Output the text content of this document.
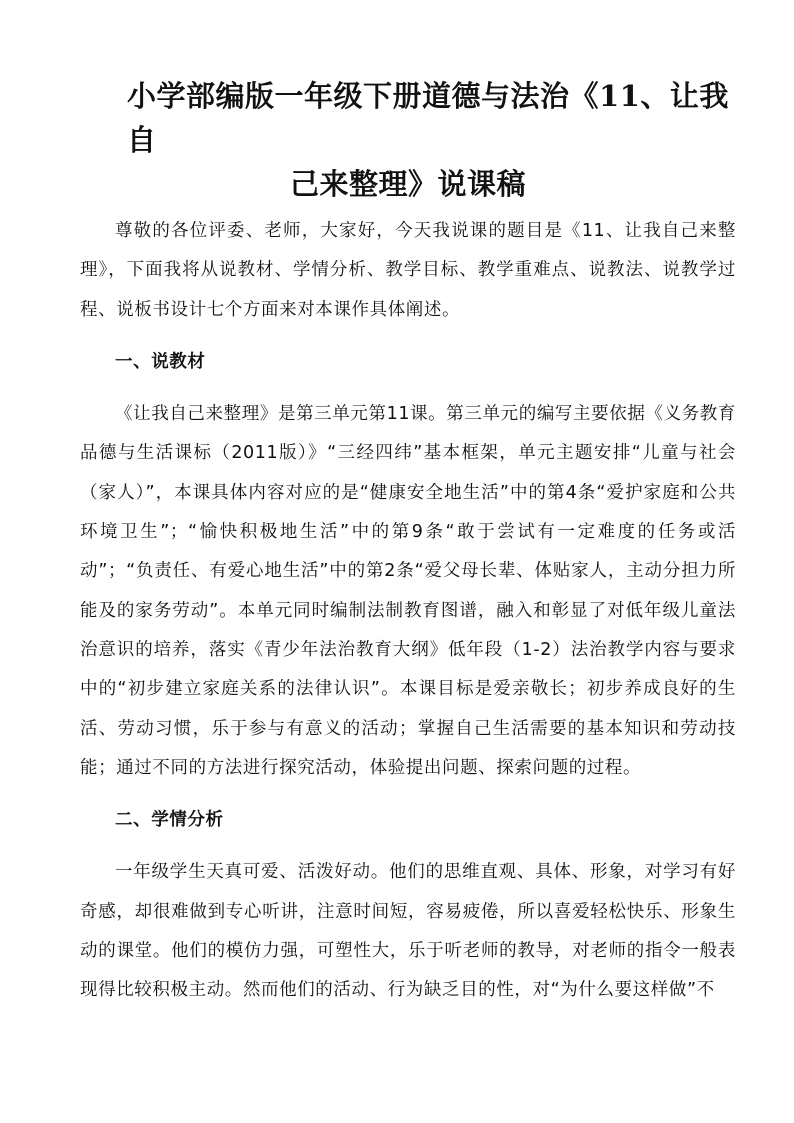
小学部编版一年级下册道德与法治《11、让我自
己来整理》说课稿

尊敬的各位评委、老师，大家好，今天我说课的题目是《11、让我自己来整理》，下面我将从说教材、学情分析、教学目标、教学重难点、说教法、说教学过程、说板书设计七个方面来对本课作具体阐述。

一、说教材

《让我自己来整理》是第三单元第11课。第三单元的编写主要依据《义务教育品德与生活课标（2011版）》“三经四纬”基本框架，单元主题安排“儿童与社会（家人）”，本课具体内容对应的是“健康安全地生活”中的第4条“爱护家庭和公共环境卫生”；“愉快积极地生活”中的第9条“敢于尝试有一定难度的任务或活动”；“负责任、有爱心地生活”中的第2条“爱父母长辈、体贴家人，主动分担力所能及的家务劳动”。本单元同时编制法制教育图谱，融入和彰显了对低年级儿童法治意识的培养，落实《青少年法治教育大纲》低年段（1-2）法治教学内容与要求中的“初步建立家庭关系的法律认识”。本课目标是爱亲敬长；初步养成良好的生活、劳动习惯，乐于参与有意义的活动；掌握自己生活需要的基本知识和劳动技能；通过不同的方法进行探究活动，体验提出问题、探索问题的过程。

二、学情分析

一年级学生天真可爱、活泼好动。他们的思维直观、具体、形象，对学习有好奇感，却很难做到专心听讲，注意时间短，容易疲倦，所以喜爱轻松快乐、形象生动的课堂。他们的模仿力强，可塑性大，乐于听老师的教导，对老师的指令一般表现得比较积极主动。然而他们的活动、行为缺乏目的性，对“为什么要这样做”不
